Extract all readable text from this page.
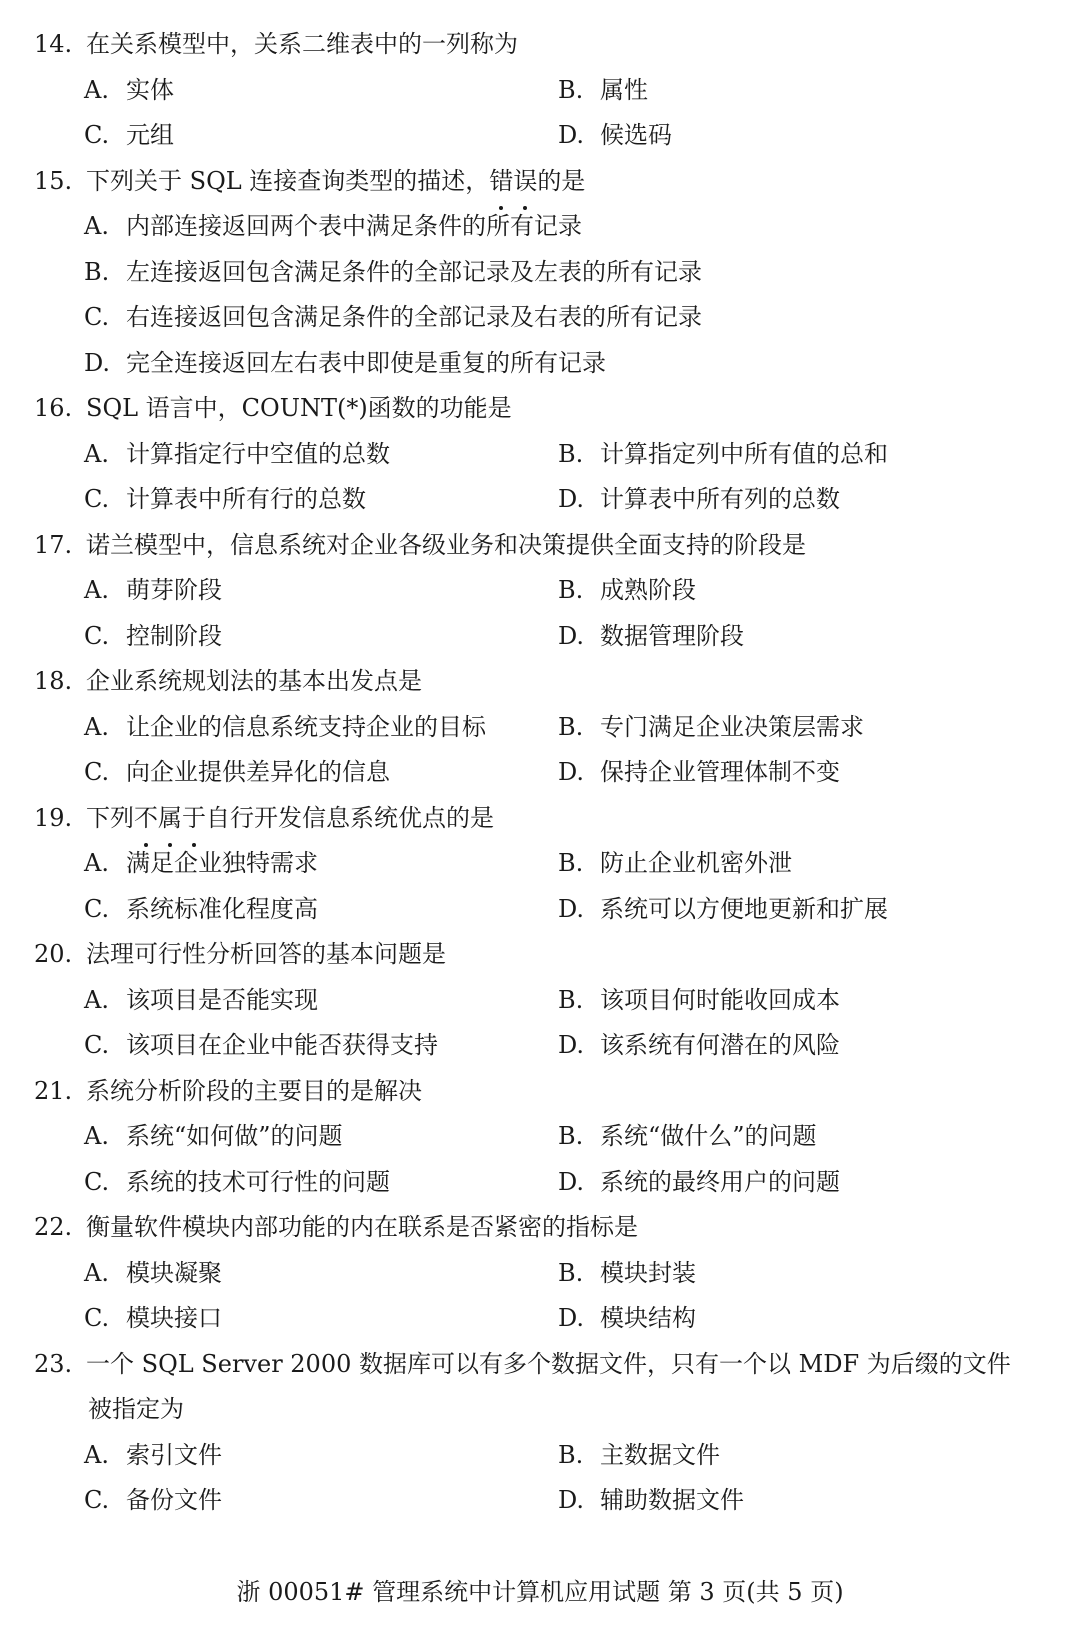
14. 在关系模型中，关系二维表中的一列称为
A. 实体	B. 属性
C. 元组	D. 候选码
15. 下列关于 SQL 连接查询类型的描述，错误的是
A. 内部连接返回两个表中满足条件的所有记录
B. 左连接返回包含满足条件的全部记录及左表的所有记录
C. 右连接返回包含满足条件的全部记录及右表的所有记录
D. 完全连接返回左右表中即使是重复的所有记录
16. SQL 语言中，COUNT(*)函数的功能是
A. 计算指定行中空值的总数	B. 计算指定列中所有值的总和
C. 计算表中所有行的总数	D. 计算表中所有列的总数
17. 诺兰模型中，信息系统对企业各级业务和决策提供全面支持的阶段是
A. 萌芽阶段	B. 成熟阶段
C. 控制阶段	D. 数据管理阶段
18. 企业系统规划法的基本出发点是
A. 让企业的信息系统支持企业的目标	B. 专门满足企业决策层需求
C. 向企业提供差异化的信息	D. 保持企业管理体制不变
19. 下列不属于自行开发信息系统优点的是
A. 满足企业独特需求	B. 防止企业机密外泄
C. 系统标准化程度高	D. 系统可以方便地更新和扩展
20. 法理可行性分析回答的基本问题是
A. 该项目是否能实现	B. 该项目何时能收回成本
C. 该项目在企业中能否获得支持	D. 该系统有何潜在的风险
21. 系统分析阶段的主要目的是解决
A. 系统“如何做”的问题	B. 系统“做什么”的问题
C. 系统的技术可行性的问题	D. 系统的最终用户的问题
22. 衡量软件模块内部功能的内在联系是否紧密的指标是
A. 模块凝聚	B. 模块封装
C. 模块接口	D. 模块结构
23. 一个 SQL Server 2000 数据库可以有多个数据文件，只有一个以 MDF 为后缀的文件
被指定为
A. 索引文件	B. 主数据文件
C. 备份文件	D. 辅助数据文件
浙 00051# 管理系统中计算机应用试题 第 3 页(共 5 页)
